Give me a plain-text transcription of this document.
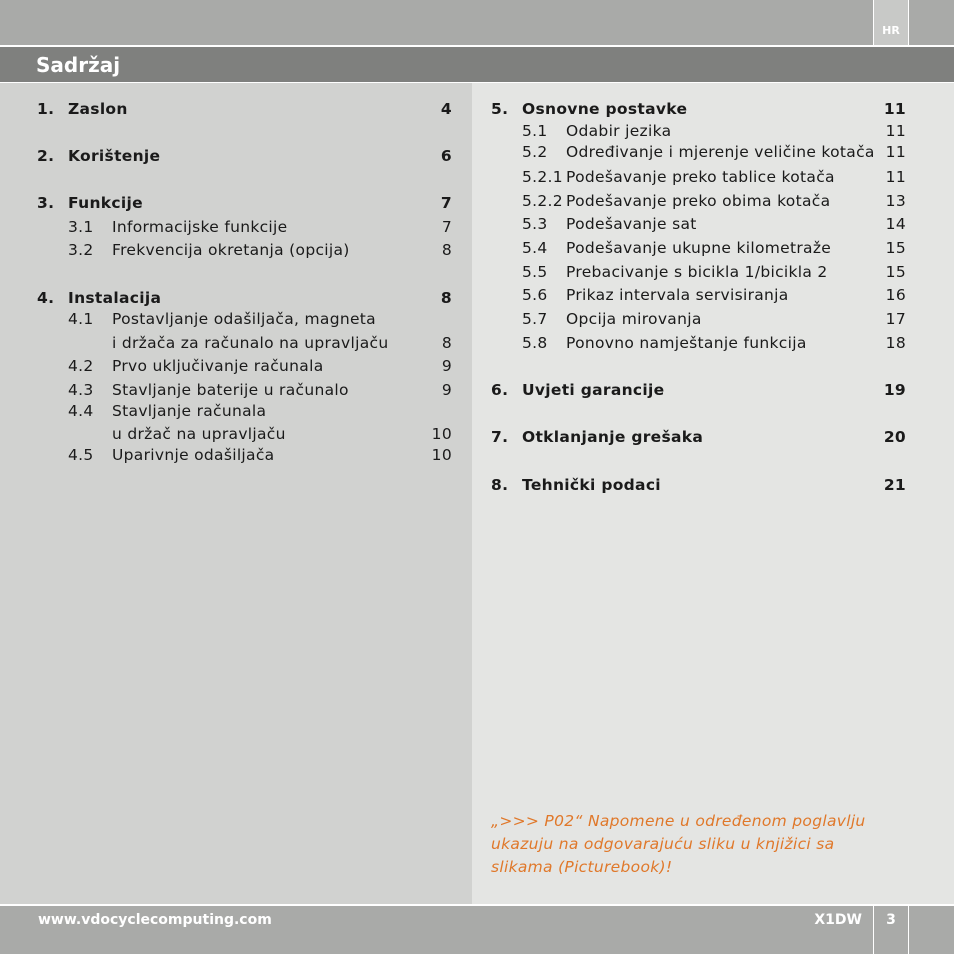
HR
Sadržaj
1. Zaslon	4
2. Korištenje	6
3. Funkcije	7
3.1 Informacijske funkcije	7
3.2 Frekvencija okretanja (opcija)	8
4. Instalacija	8
4.1 Postavljanje odašiljača, magneta
i držača za računalo na upravljaču	8
4.2 Prvo uključivanje računala	9
4.3 Stavljanje baterije u računalo	9
4.4 Stavljanje računala
u držač na upravljaču	10
4.5 Uparivnje odašiljača	10
5. Osnovne postavke	11
5.1 Odabir jezika	11
5.2 Određivanje i mjerenje veličine kotača 11
5.2.1 Podešavanje preko tablice kotača	11
5.2.2 Podešavanje preko obima kotača	13
5.3 Podešavanje sat	14
5.4 Podešavanje ukupne kilometraže	15
5.5 Prebacivanje s bicikla 1/bicikla 2	15
5.6 Prikaz intervala servisiranja	16
5.7 Opcija mirovanja	17
5.8 Ponovno namještanje funkcija	18
6. Uvjeti garancije	19
7. Otklanjanje grešaka	20
8. Tehnički podaci	21
„>>> P02“ Napomene u određenom poglavlju
ukazuju na odgovarajuću sliku u knjižici sa
slikama (Picturebook)!
www.vdocyclecomputing.com	X1DW	3
